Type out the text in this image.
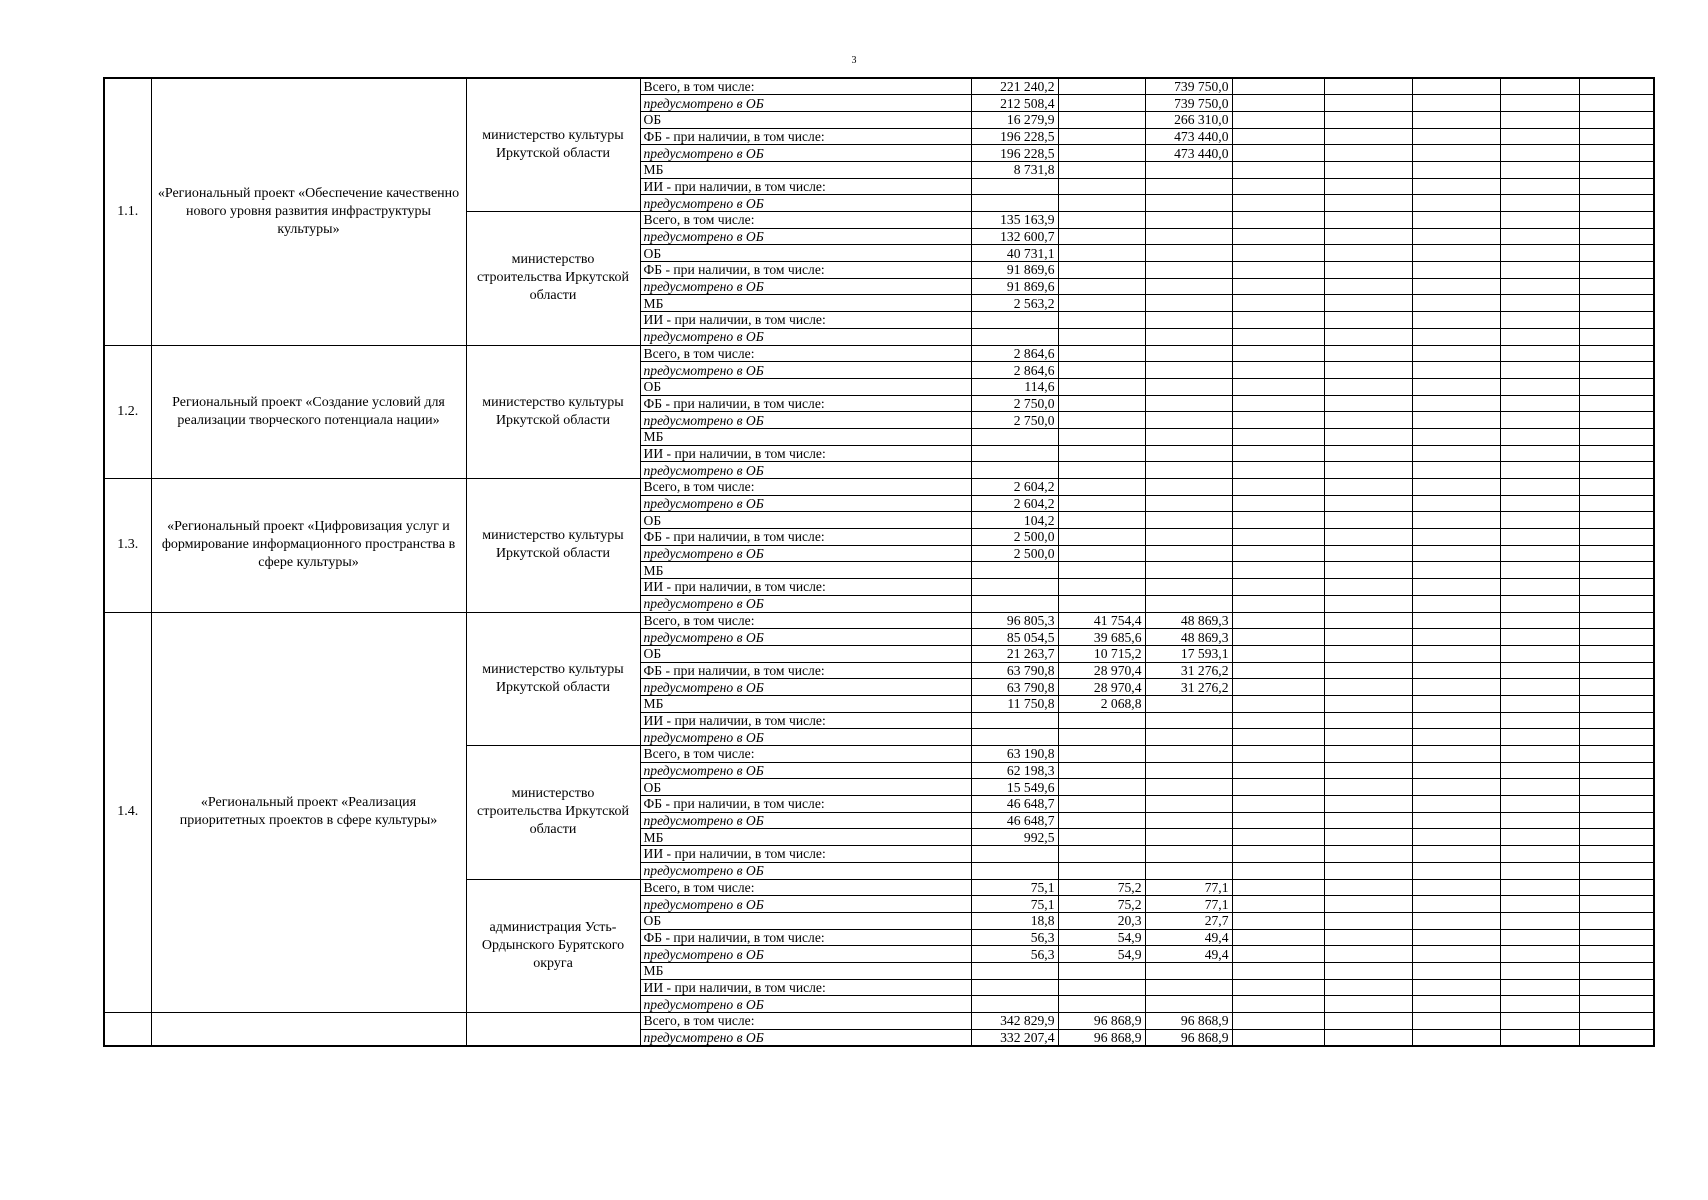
3
1.1.	«Региональный проект «Обеспечение качественно нового уровня развития инфраструктуры культуры»	министерство культуры Иркутской области	Всего, в том числе:	221 240,2		739 750,0					
			предусмотрено в ОБ	212 508,4		739 750,0					
			ОБ	16 279,9		266 310,0					
			ФБ - при наличии, в том числе:	196 228,5		473 440,0					
			предусмотрено в ОБ	196 228,5		473 440,0					
			МБ	8 731,8							
			ИИ - при наличии, в том числе:								
			предусмотрено в ОБ								
		министерство строительства Иркутской области	Всего, в том числе:	135 163,9							
			предусмотрено в ОБ	132 600,7							
			ОБ	40 731,1							
			ФБ - при наличии, в том числе:	91 869,6							
			предусмотрено в ОБ	91 869,6							
			МБ	2 563,2							
			ИИ - при наличии, в том числе:								
			предусмотрено в ОБ								
1.2.	Региональный проект «Создание условий для реализации творческого потенциала нации»	министерство культуры Иркутской области	Всего, в том числе:	2 864,6							
			предусмотрено в ОБ	2 864,6							
			ОБ	114,6							
			ФБ - при наличии, в том числе:	2 750,0							
			предусмотрено в ОБ	2 750,0							
			МБ								
			ИИ - при наличии, в том числе:								
			предусмотрено в ОБ								
1.3.	«Региональный проект «Цифровизация услуг и формирование информационного пространства в сфере культуры»	министерство культуры Иркутской области	Всего, в том числе:	2 604,2							
			предусмотрено в ОБ	2 604,2							
			ОБ	104,2							
			ФБ - при наличии, в том числе:	2 500,0							
			предусмотрено в ОБ	2 500,0							
			МБ								
			ИИ - при наличии, в том числе:								
			предусмотрено в ОБ								
1.4.	«Региональный проект «Реализация приоритетных проектов в сфере культуры»	министерство культуры Иркутской области	Всего, в том числе:	96 805,3	41 754,4	48 869,3					
			предусмотрено в ОБ	85 054,5	39 685,6	48 869,3					
			ОБ	21 263,7	10 715,2	17 593,1					
			ФБ - при наличии, в том числе:	63 790,8	28 970,4	31 276,2					
			предусмотрено в ОБ	63 790,8	28 970,4	31 276,2					
			МБ	11 750,8	2 068,8						
			ИИ - при наличии, в том числе:								
			предусмотрено в ОБ								
		министерство строительства Иркутской области	Всего, в том числе:	63 190,8							
			предусмотрено в ОБ	62 198,3							
			ОБ	15 549,6							
			ФБ - при наличии, в том числе:	46 648,7							
			предусмотрено в ОБ	46 648,7							
			МБ	992,5							
			ИИ - при наличии, в том числе:								
			предусмотрено в ОБ								
		администрация Усть-Ордынского Бурятского округа	Всего, в том числе:	75,1	75,2	77,1					
			предусмотрено в ОБ	75,1	75,2	77,1					
			ОБ	18,8	20,3	27,7					
			ФБ - при наличии, в том числе:	56,3	54,9	49,4					
			предусмотрено в ОБ	56,3	54,9	49,4					
			МБ								
			ИИ - при наличии, в том числе:								
			предусмотрено в ОБ								
			Всего, в том числе:	342 829,9	96 868,9	96 868,9					
			предусмотрено в ОБ	332 207,4	96 868,9	96 868,9					
